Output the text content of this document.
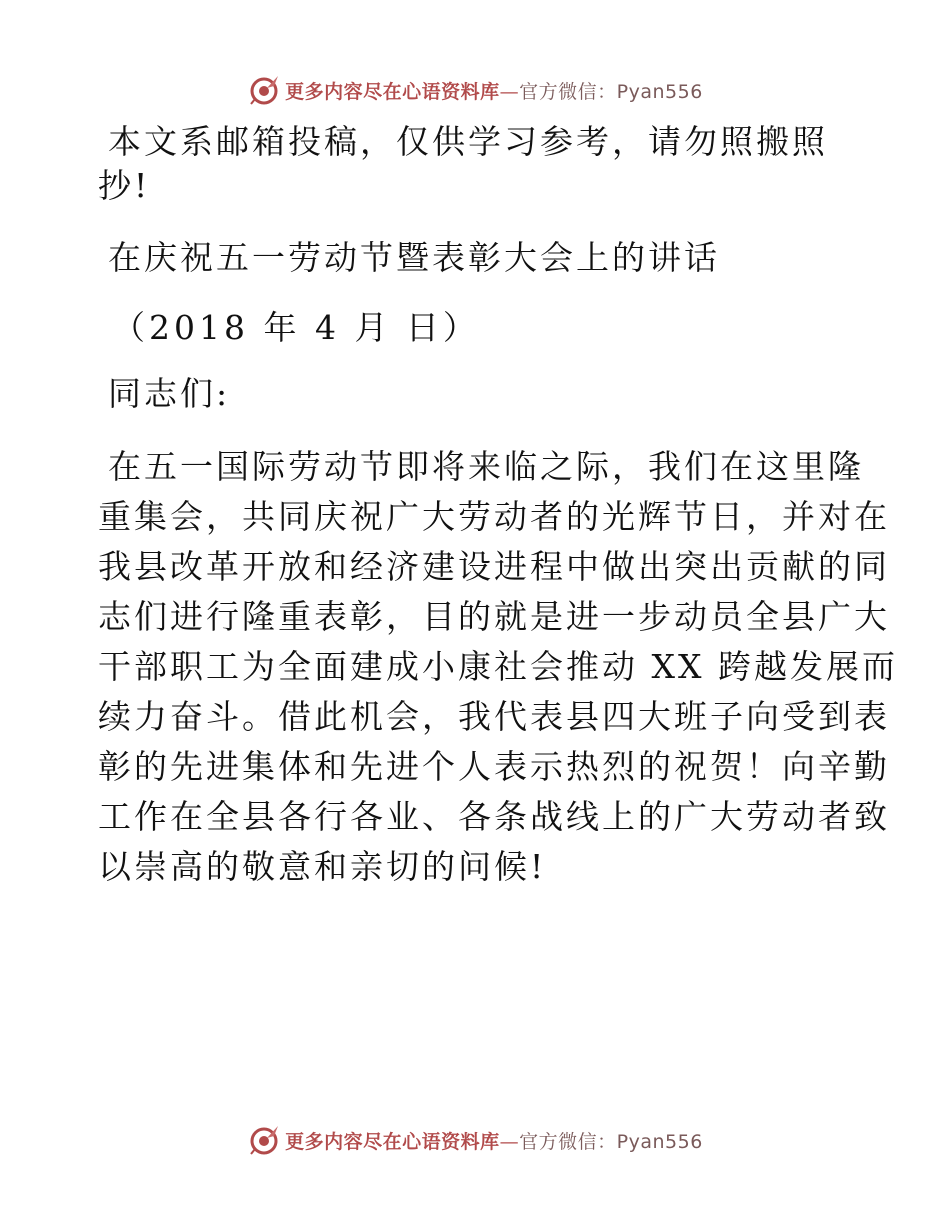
更多内容尽在心语资料库—官方微信：Pyan556

本文系邮箱投稿，仅供学习参考，请勿照搬照
抄!

在庆祝五一劳动节暨表彰大会上的讲话

（2018 年 4 月 日）

同志们:

在五一国际劳动节即将来临之际，我们在这里隆
重集会，共同庆祝广大劳动者的光辉节日，并对在
我县改革开放和经济建设进程中做出突出贡献的同
志们进行隆重表彰，目的就是进一步动员全县广大
干部职工为全面建成小康社会推动 XX 跨越发展而
续力奋斗。借此机会，我代表县四大班子向受到表
彰的先进集体和先进个人表示热烈的祝贺！向辛勤
工作在全县各行各业、各条战线上的广大劳动者致
以崇高的敬意和亲切的问候!

更多内容尽在心语资料库—官方微信：Pyan556
